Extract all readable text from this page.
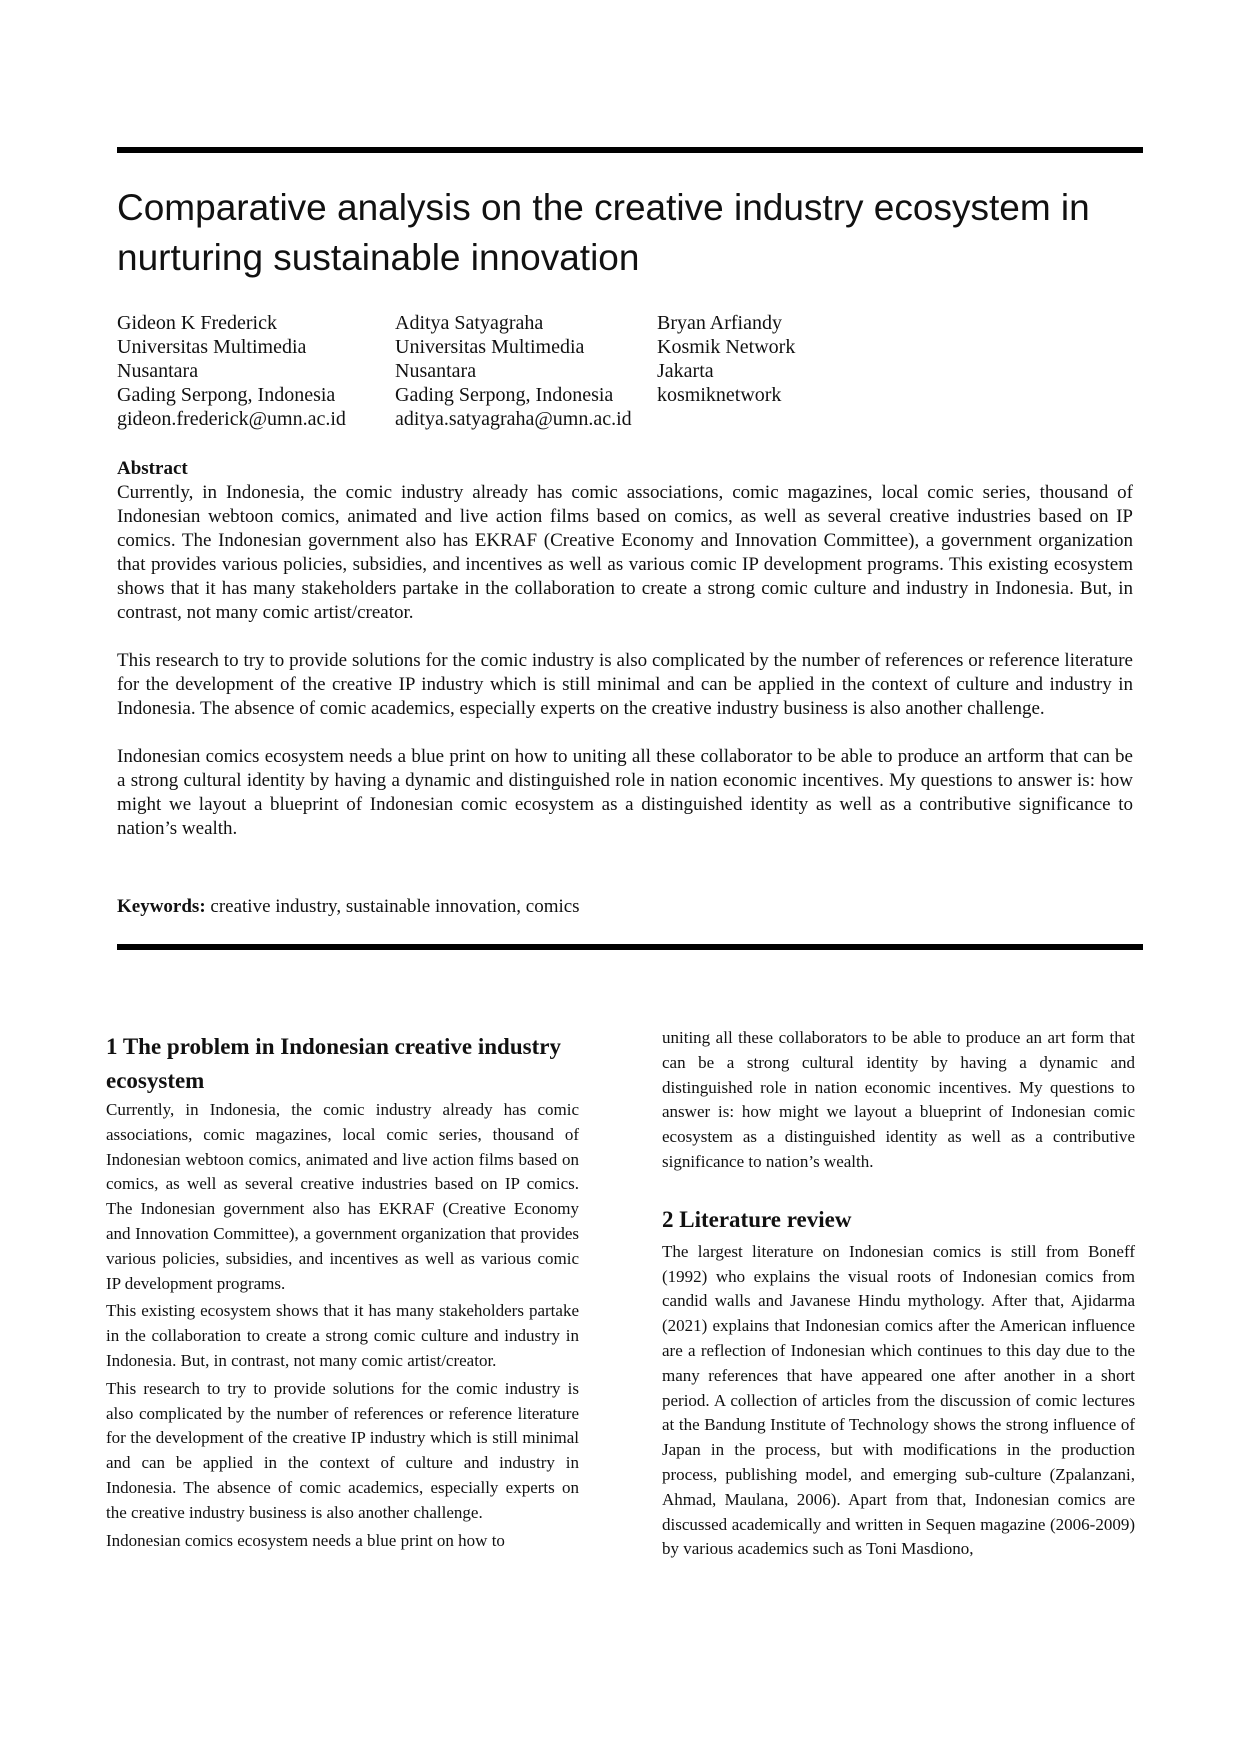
Comparative analysis on the creative industry ecosystem in nurturing sustainable innovation
Gideon K Frederick
Universitas Multimedia
Nusantara
Gading Serpong, Indonesia
gideon.frederick@umn.ac.id
Aditya Satyagraha
Universitas Multimedia
Nusantara
Gading Serpong, Indonesia
aditya.satyagraha@umn.ac.id
Bryan Arfiandy
Kosmik Network
Jakarta
kosmiknetwork
Abstract

Currently, in Indonesia, the comic industry already has comic associations, comic magazines, local comic series, thousand of Indonesian webtoon comics, animated and live action films based on comics, as well as several creative industries based on IP comics. The Indonesian government also has EKRAF (Creative Economy and Innovation Committee), a government organization that provides various policies, subsidies, and incentives as well as various comic IP development programs. This existing ecosystem shows that it has many stakeholders partake in the collaboration to create a strong comic culture and industry in Indonesia. But, in contrast, not many comic artist/creator.

This research to try to provide solutions for the comic industry is also complicated by the number of references or reference literature for the development of the creative IP industry which is still minimal and can be applied in the context of culture and industry in Indonesia. The absence of comic academics, especially experts on the creative industry business is also another challenge.

Indonesian comics ecosystem needs a blue print on how to uniting all these collaborator to be able to produce an artform that can be a strong cultural identity by having a dynamic and distinguished role in nation economic incentives. My questions to answer is: how might we layout a blueprint of Indonesian comic ecosystem as a distinguished identity as well as a contributive significance to nation’s wealth.

Keywords: creative industry, sustainable innovation, comics
1 The problem in Indonesian creative industry ecosystem

Currently, in Indonesia, the comic industry already has comic associations, comic magazines, local comic series, thousand of Indonesian webtoon comics, animated and live action films based on comics, as well as several creative industries based on IP comics. The Indonesian government also has EKRAF (Creative Economy and Innovation Committee), a government organization that provides various policies, subsidies, and incentives as well as various comic IP development programs.

This existing ecosystem shows that it has many stakeholders partake in the collaboration to create a strong comic culture and industry in Indonesia. But, in contrast, not many comic artist/creator.

This research to try to provide solutions for the comic industry is also complicated by the number of references or reference literature for the development of the creative IP industry which is still minimal and can be applied in the context of culture and industry in Indonesia. The absence of comic academics, especially experts on the creative industry business is also another challenge.

Indonesian comics ecosystem needs a blue print on how to

uniting all these collaborators to be able to produce an art form that can be a strong cultural identity by having a dynamic and distinguished role in nation economic incentives. My questions to answer is: how might we layout a blueprint of Indonesian comic ecosystem as a distinguished identity as well as a contributive significance to nation’s wealth.

2 Literature review

The largest literature on Indonesian comics is still from Boneff (1992) who explains the visual roots of Indonesian comics from candid walls and Javanese Hindu mythology. After that, Ajidarma (2021) explains that Indonesian comics after the American influence are a reflection of Indonesian which continues to this day due to the many references that have appeared one after another in a short period. A collection of articles from the discussion of comic lectures at the Bandung Institute of Technology shows the strong influence of Japan in the process, but with modifications in the production process, publishing model, and emerging sub-culture (Zpalanzani, Ahmad, Maulana, 2006). Apart from that, Indonesian comics are discussed academically and written in Sequen magazine (2006-2009) by various academics such as Toni Masdiono,
